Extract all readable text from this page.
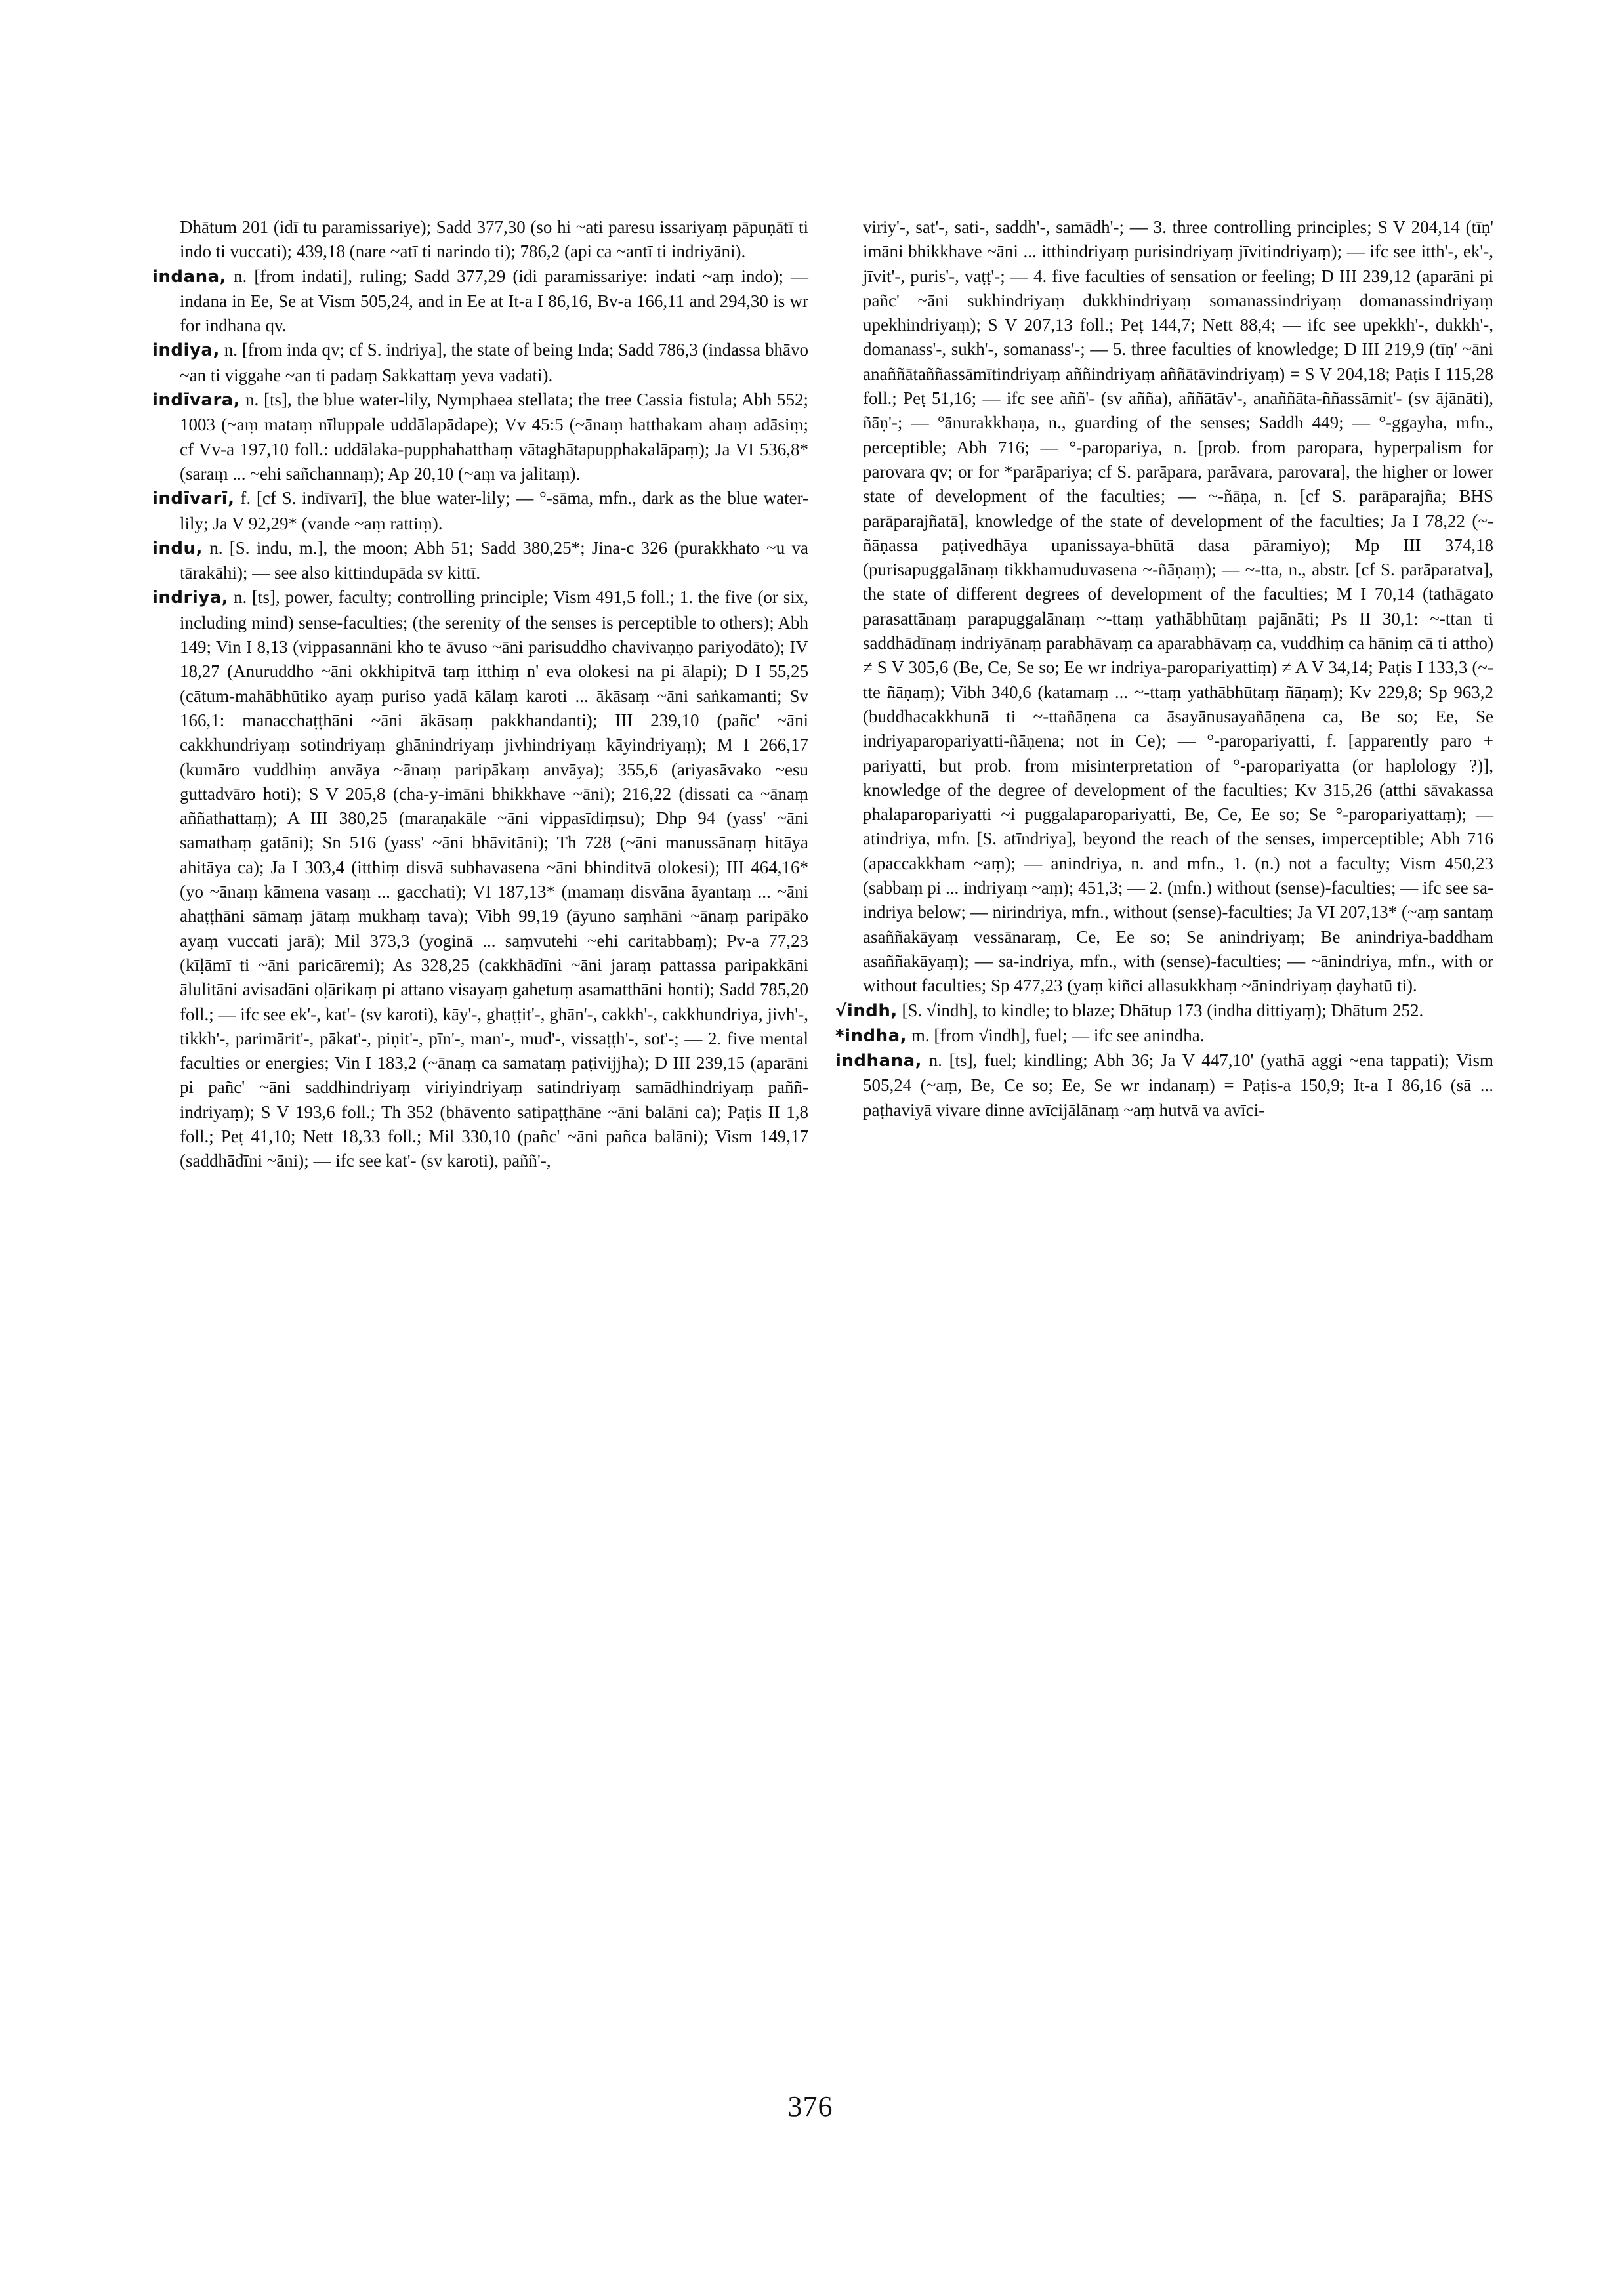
Dhātum 201 (idī tu paramissariye); Sadd 377,30 (so hi ~ati paresu issariyaṃ pāpuṇātī ti indo ti vuccati); 439,18 (nare ~atī ti narindo ti); 786,2 (api ca ~antī ti indriyāni).

indana, n. [from indati], ruling; Sadd 377,29 (idi paramissariye: indati ~aṃ indo); — indana in Ee, Se at Vism 505,24, and in Ee at It-a I 86,16, Bv-a 166,11 and 294,30 is wr for indhana qv.

indiya, n. [from inda qv; cf S. indriya], the state of being Inda; Sadd 786,3 (indassa bhāvo ~an ti viggahe ~an ti padaṃ Sakkattaṃ yeva vadati).

indīvara, n. [ts], the blue water-lily, Nymphaea stellata; the tree Cassia fistula; Abh 552; 1003 (~aṃ mataṃ nīluppale uddālapādape); Vv 45:5 (~ānaṃ hatthakam ahaṃ adāsiṃ; cf Vv-a 197,10 foll.: uddālaka-pupphahatthaṃ vātaghātapupphakalāpaṃ); Ja VI 536,8* (saraṃ ... ~ehi sañchannaṃ); Ap 20,10 (~aṃ va jalitaṃ).

indīvarī, f. [cf S. indīvarī], the blue water-lily; — °-sāma, mfn., dark as the blue water-lily; Ja V 92,29* (vande ~aṃ rattiṃ).

indu, n. [S. indu, m.], the moon; Abh 51; Sadd 380,25*; Jina-c 326 (purakkhato ~u va tārakāhi); — see also kittindupāda sv kittī.

indriya, n. [ts], power, faculty; controlling principle; Vism 491,5 foll.; 1. the five (or six, including mind) sense-faculties; (the serenity of the senses is perceptible to others); Abh 149; Vin I 8,13 (vippasannāni kho te āvuso ~āni parisuddho chavivaṇṇo pariyodāto); IV 18,27 (Anuruddho ~āni okkhipitvā taṃ itthiṃ n' eva olokesi na pi ālapi); D I 55,25 (cātum-mahābhūtiko ayaṃ puriso yadā kālaṃ karoti ... ākāsaṃ ~āni saṅkamanti; Sv 166,1: manacchaṭṭhāni ~āni ākāsaṃ pakkhandanti); III 239,10 (pañc' ~āni cakkhundriyaṃ sotindriyaṃ ghānindriyaṃ jivhindriyaṃ kāyindriyaṃ); M I 266,17 (kumāro vuddhiṃ anvāya ~ānaṃ paripākaṃ anvāya); 355,6 (ariyasāvako ~esu guttadvāro hoti); S V 205,8 (cha-y-imāni bhikkhave ~āni); 216,22 (dissati ca ~ānaṃ aññathattaṃ); A III 380,25 (maraṇakāle ~āni vippasīdiṃsu); Dhp 94 (yass' ~āni samathaṃ gatāni); Sn 516 (yass' ~āni bhāvitāni); Th 728 (~āni manussānaṃ hitāya ahitāya ca); Ja I 303,4 (itthiṃ disvā subhavasena ~āni bhinditvā olokesi); III 464,16* (yo ~ānaṃ kāmena vasaṃ ... gacchati); VI 187,13* (mamaṃ disvāna āyantaṃ ... ~āni ahaṭṭhāni sāmaṃ jātaṃ mukhaṃ tava); Vibh 99,19 (āyuno saṃhāni ~ānaṃ paripāko ayaṃ vuccati jarā); Mil 373,3 (yoginā ... saṃvutehi ~ehi caritabbaṃ); Pv-a 77,23 (kīḷāmī ti ~āni paricāremi); As 328,25 (cakkhādīni ~āni jaraṃ pattassa paripakkāni ālulitāni avisadāni oḷārikaṃ pi attano visayaṃ gahetuṃ asamatthāni honti); Sadd 785,20 foll.; — ifc see ek'-, kat'- (sv karoti), kāy'-, ghaṭṭit'-, ghān'-, cakkh'-, cakkhundriya, jivh'-, tikkh'-, parimārit'-, pākat'-, piṇit'-, pīn'-, man'-, mud'-, vissaṭṭh'-, sot'-; — 2. five mental faculties or energies; Vin I 183,2 (~ānaṃ ca samataṃ paṭivijjha); D III 239,15 (aparāni pi pañc' ~āni saddhindriyaṃ viriyindriyaṃ satindriyaṃ samādhindriyaṃ paññ-indriyaṃ); S V 193,6 foll.; Th 352 (bhāvento satipaṭṭhāne ~āni balāni ca); Paṭis II 1,8 foll.; Peṭ 41,10; Nett 18,33 foll.; Mil 330,10 (pañc' ~āni pañca balāni); Vism 149,17 (saddhādīni ~āni); — ifc see kat'- (sv karoti), paññ'-,

viriy'-, sat'-, sati-, saddh'-, samādh'-; — 3. three controlling principles; S V 204,14 (tīṇ' imāni bhikkhave ~āni ... itthindriyaṃ purisindriyaṃ jīvitindriyaṃ); — ifc see itth'-, ek'-, jīvit'-, puris'-, vaṭṭ'-; — 4. five faculties of sensation or feeling; D III 239,12 (aparāni pi pañc' ~āni sukhindriyaṃ dukkhindriyaṃ somanassindriyaṃ domanassindriyaṃ upekhindriyaṃ); S V 207,13 foll.; Peṭ 144,7; Nett 88,4; — ifc see upekkh'-, dukkh'-, domanass'-, sukh'-, somanass'-; — 5. three faculties of knowledge; D III 219,9 (tīṇ' ~āni anaññātaññassāmītindriyaṃ aññindriyaṃ aññātāvindriyaṃ) = S V 204,18; Paṭis I 115,28 foll.; Peṭ 51,16; — ifc see aññ'- (sv añña), aññātāv'-, anaññāta-ññassāmit'- (sv ājānāti), ñāṇ'-; — °ānurakkhaṇa, n., guarding of the senses; Saddh 449; — °-ggayha, mfn., perceptible; Abh 716; — °-paropariya, n. [prob. from paropara, hyperpalism for parovara qv; or for *parāpariya; cf S. parāpara, parāvara, parovara], the higher or lower state of development of the faculties; — ~-ñāṇa, n. [cf S. parāparajña; BHS parāparajñatā], knowledge of the state of development of the faculties; Ja I 78,22 (~-ñāṇassa paṭivedhāya upanissaya-bhūtā dasa pāramiyo); Mp III 374,18 (purisapuggalānaṃ tikkhamuduvasena ~-ñāṇaṃ); — ~-tta, n., abstr. [cf S. parāparatva], the state of different degrees of development of the faculties; M I 70,14 (tathāgato parasattānaṃ parapuggalānaṃ ~-ttaṃ yathābhūtaṃ pajānāti; Ps II 30,1: ~-ttan ti saddhādīnaṃ indriyānaṃ parabhāvaṃ ca aparabhāvaṃ ca, vuddhiṃ ca hāniṃ cā ti attho) ≠ S V 305,6 (Be, Ce, Se so; Ee wr indriya-paropariyattiṃ) ≠ A V 34,14; Paṭis I 133,3 (~-tte ñāṇaṃ); Vibh 340,6 (katamaṃ ... ~-ttaṃ yathābhūtaṃ ñāṇaṃ); Kv 229,8; Sp 963,2 (buddhacakkhunā ti ~-ttañāṇena ca āsayānusayañāṇena ca, Be so; Ee, Se indriyaparopariyatti-ñāṇena; not in Ce); — °-paropariyatti, f. [apparently paro + pariyatti, but prob. from misinterpretation of °-paropariyatta (or haplology ?)], knowledge of the degree of development of the faculties; Kv 315,26 (atthi sāvakassa phalaparopariyatti ~i puggalaparopariyatti, Be, Ce, Ee so; Se °-paropariyattaṃ); — atindriya, mfn. [S. atīndriya], beyond the reach of the senses, imperceptible; Abh 716 (apaccakkham ~aṃ); — anindriya, n. and mfn., 1. (n.) not a faculty; Vism 450,23 (sabbaṃ pi ... indriyaṃ ~aṃ); 451,3; — 2. (mfn.) without (sense)-faculties; — ifc see sa-indriya below; — nirindriya, mfn., without (sense)-faculties; Ja VI 207,13* (~aṃ santaṃ asaññakāyaṃ vessānaraṃ, Ce, Ee so; Se anindriyaṃ; Be anindriya-baddham asaññakāyaṃ); — sa-indriya, mfn., with (sense)-faculties; — ~ānindriya, mfn., with or without faculties; Sp 477,23 (yaṃ kiñci allasukkhaṃ ~ānindriyaṃ ḍayhatū ti).

√indh, [S. √indh], to kindle; to blaze; Dhātup 173 (indha dittiyaṃ); Dhātum 252.

*indha, m. [from √indh], fuel; — ifc see anindha.

indhana, n. [ts], fuel; kindling; Abh 36; Ja V 447,10' (yathā aggi ~ena tappati); Vism 505,24 (~aṃ, Be, Ce so; Ee, Se wr indanaṃ) = Paṭis-a 150,9; It-a I 86,16 (sā ... paṭhaviyā vivare dinne avīcijālānaṃ ~aṃ hutvā va avīci-

376
